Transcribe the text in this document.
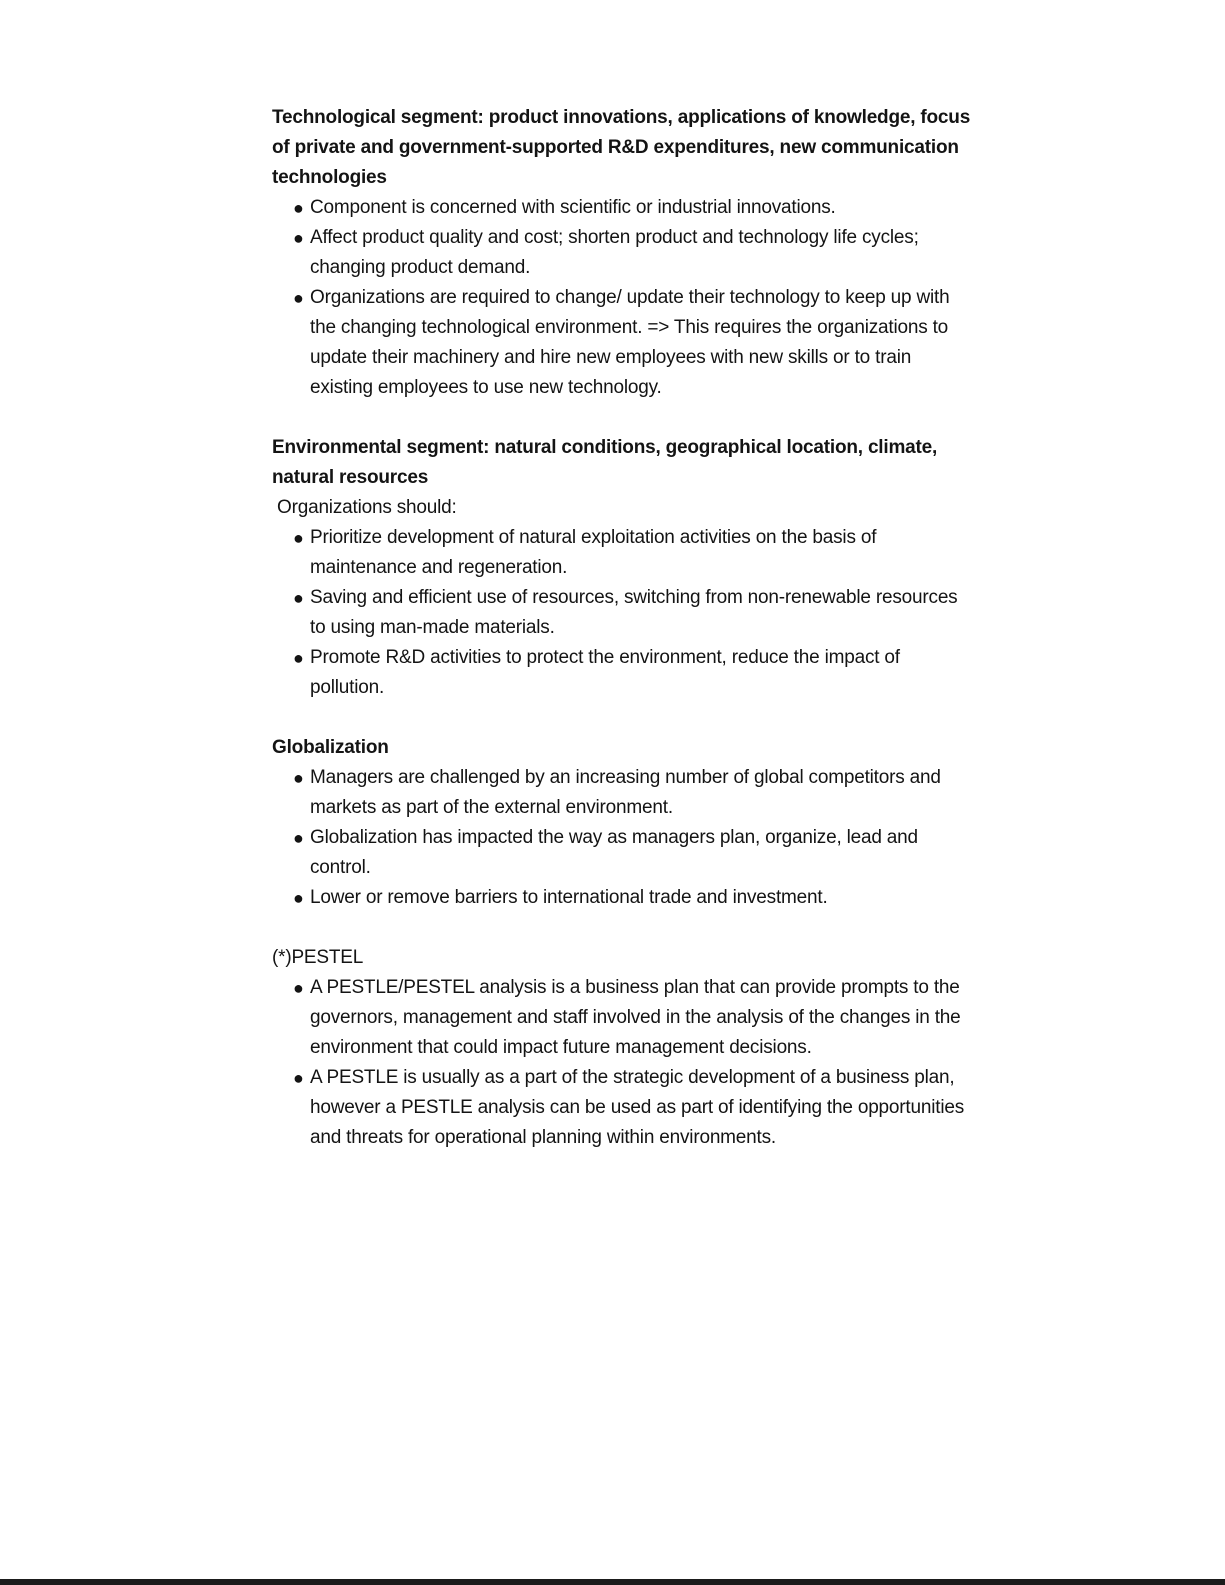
Technological segment: product innovations, applications of knowledge, focus of private and government-supported R&D expenditures, new communication technologies
● Component is concerned with scientific or industrial innovations.
● Affect product quality and cost; shorten product and technology life cycles; changing product demand.
● Organizations are required to change/ update their technology to keep up with the changing technological environment. => This requires the organizations to update their machinery and hire new employees with new skills or to train existing employees to use new technology.
Environmental segment: natural conditions, geographical location, climate, natural resources
Organizations should:
● Prioritize development of natural exploitation activities on the basis of maintenance and regeneration.
● Saving and efficient use of resources, switching from non-renewable resources to using man-made materials.
● Promote R&D activities to protect the environment, reduce the impact of pollution.
Globalization
● Managers are challenged by an increasing number of global competitors and markets as part of the external environment.
● Globalization has impacted the way as managers plan, organize, lead and control.
● Lower or remove barriers to international trade and investment.
(*)PESTEL
● A PESTLE/PESTEL analysis is a business plan that can provide prompts to the governors, management and staff involved in the analysis of the changes in the environment that could impact future management decisions.
● A PESTLE is usually as a part of the strategic development of a business plan, however a PESTLE analysis can be used as part of identifying the opportunities and threats for operational planning within environments.
